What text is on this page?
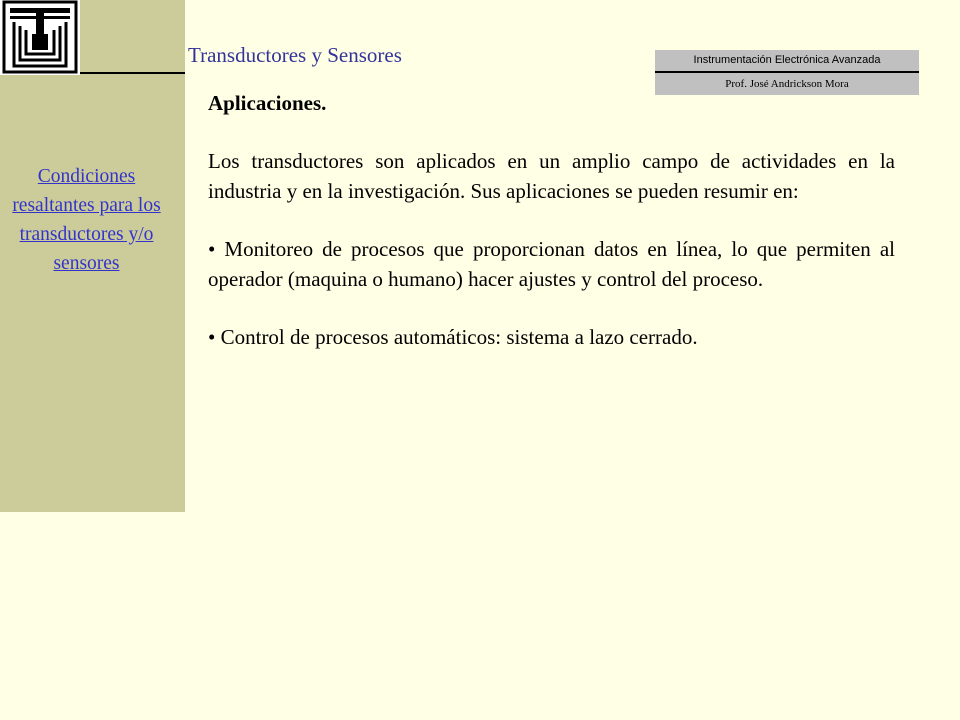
Condiciones resaltantes para los transductores y/o sensores
Transductores y Sensores	Instrumentación Electrónica Avanzada
Prof. José Andrickson Mora

Aplicaciones.

Los transductores son aplicados en un amplio campo de actividades en la industria y en la investigación. Sus aplicaciones se pueden resumir en:

• Monitoreo de procesos que proporcionan datos en línea, lo que permiten al operador (maquina o humano) hacer ajustes y control del proceso.

• Control de procesos automáticos: sistema a lazo cerrado.
